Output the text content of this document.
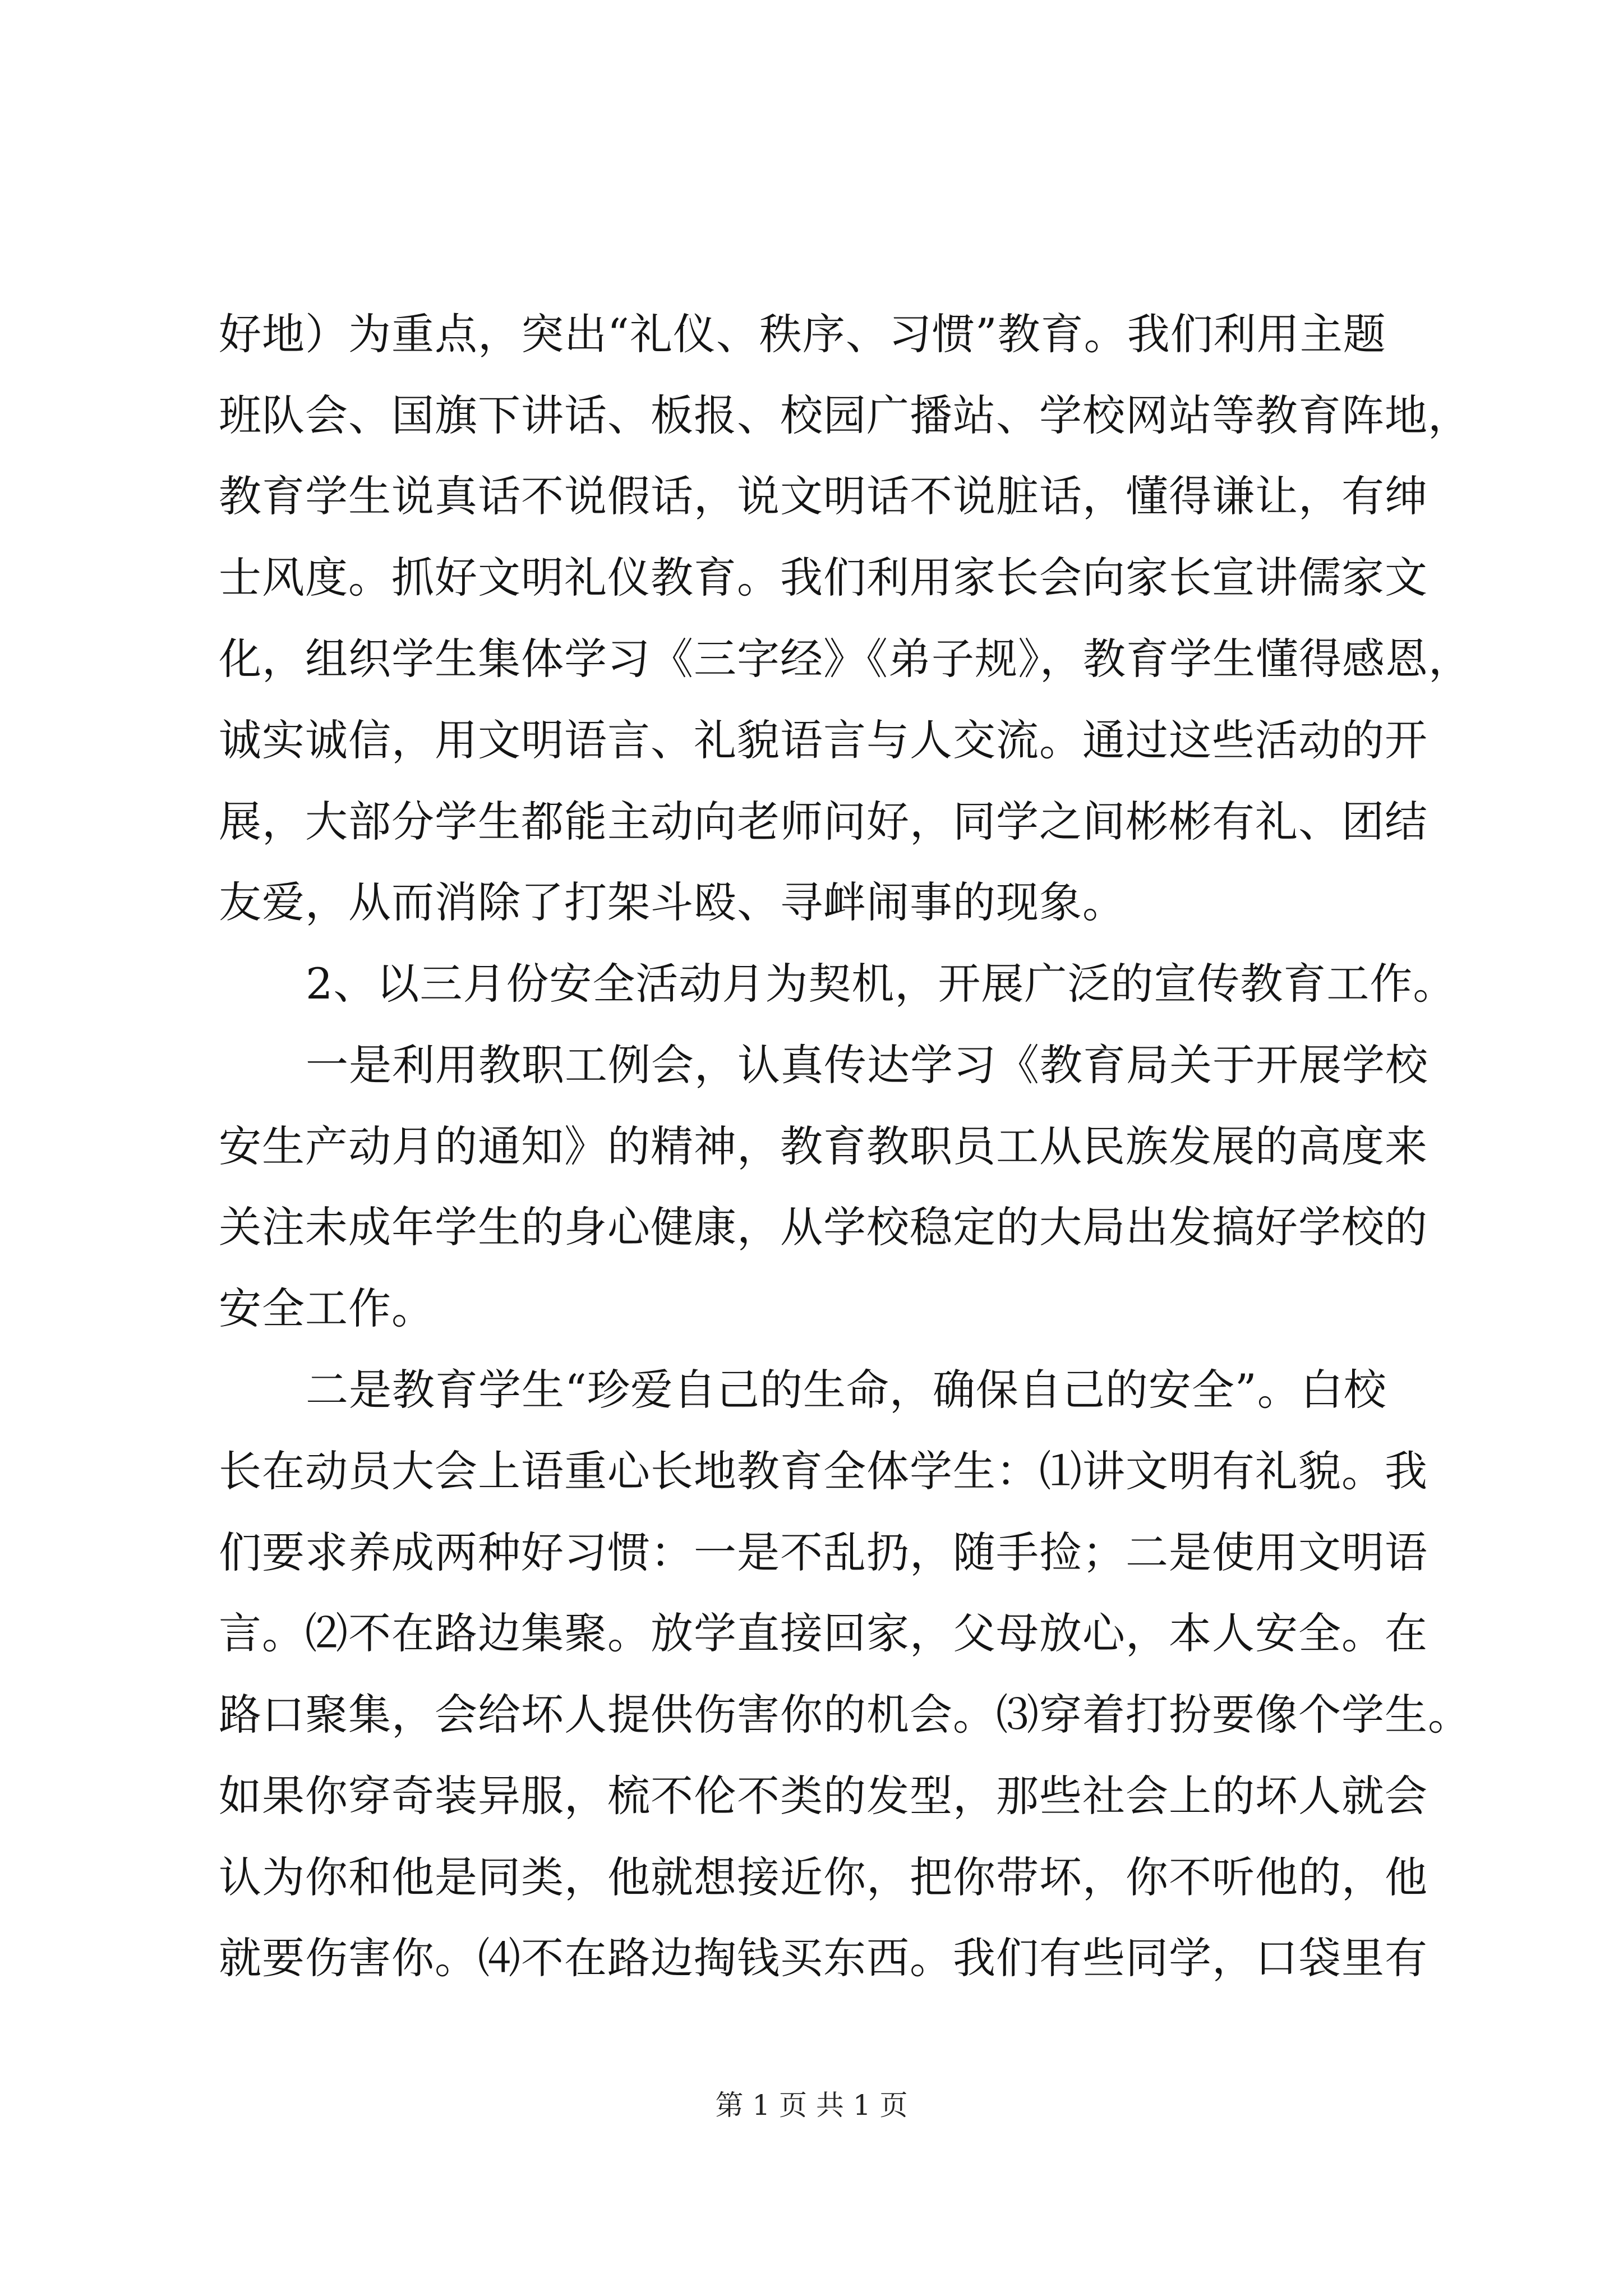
好地）为重点，突出“礼仪、秩序、习惯”教育。我们利用主题
班队会、国旗下讲话、板报、校园广播站、学校网站等教育阵地，
教育学生说真话不说假话，说文明话不说脏话，懂得谦让，有绅
士风度。抓好文明礼仪教育。我们利用家长会向家长宣讲儒家文
化，组织学生集体学习《三字经》《弟子规》，教育学生懂得感恩，
诚实诚信，用文明语言、礼貌语言与人交流。通过这些活动的开
展，大部分学生都能主动向老师问好，同学之间彬彬有礼、团结
友爱，从而消除了打架斗殴、寻衅闹事的现象。
2、以三月份安全活动月为契机，开展广泛的宣传教育工作。
一是利用教职工例会，认真传达学习《教育局关于开展学校
安生产动月的通知》的精神，教育教职员工从民族发展的高度来
关注未成年学生的身心健康，从学校稳定的大局出发搞好学校的
安全工作。
二是教育学生“珍爱自己的生命，确保自己的安全”。白校
长在动员大会上语重心长地教育全体学生：⑴讲文明有礼貌。我
们要求养成两种好习惯：一是不乱扔，随手捡；二是使用文明语
言。⑵不在路边集聚。放学直接回家，父母放心，本人安全。在
路口聚集，会给坏人提供伤害你的机会。⑶穿着打扮要像个学生。
如果你穿奇装异服，梳不伦不类的发型，那些社会上的坏人就会
认为你和他是同类，他就想接近你，把你带坏，你不听他的，他
就要伤害你。⑷不在路边掏钱买东西。我们有些同学，口袋里有
第 1 页 共 1 页
